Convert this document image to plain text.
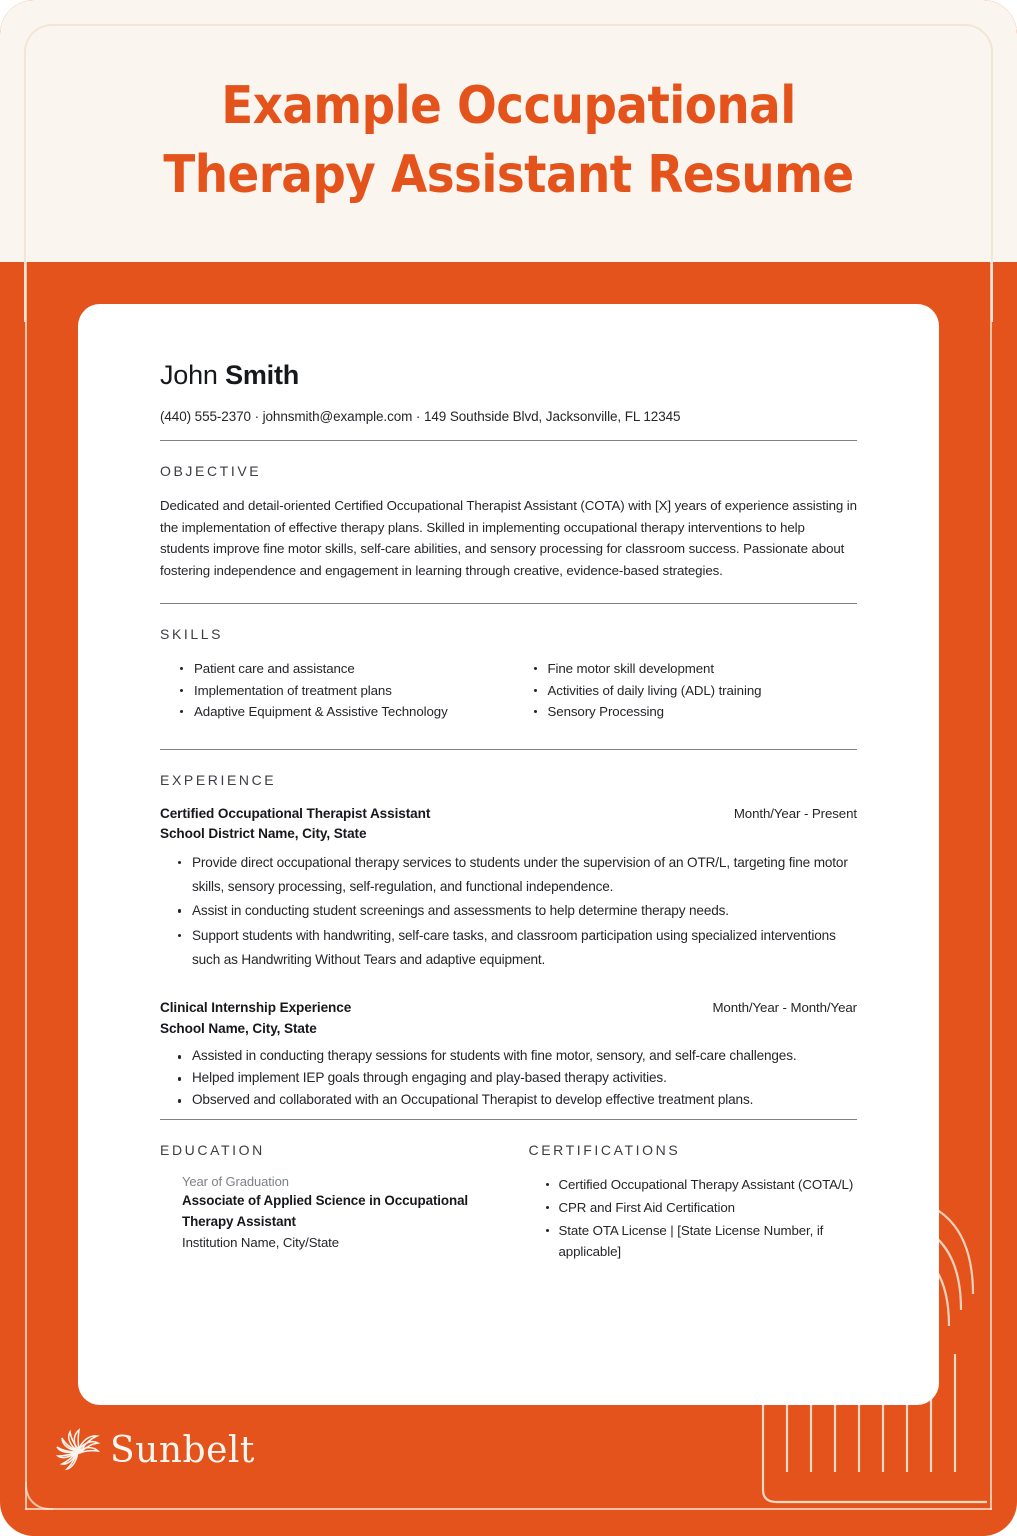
Example Occupational
Therapy Assistant Resume
John Smith
(440) 555-2370 · johnsmith@example.com · 149 Southside Blvd, Jacksonville, FL 12345
OBJECTIVE
Dedicated and detail-oriented Certified Occupational Therapist Assistant (COTA) with [X] years of experience assisting in the implementation of effective therapy plans. Skilled in implementing occupational therapy interventions to help students improve fine motor skills, self-care abilities, and sensory processing for classroom success. Passionate about fostering independence and engagement in learning through creative, evidence-based strategies.
SKILLS
Patient care and assistance
Implementation of treatment plans
Adaptive Equipment & Assistive Technology
Fine motor skill development
Activities of daily living (ADL) training
Sensory Processing
EXPERIENCE
Certified Occupational Therapist Assistant
School District Name, City, State
Month/Year - Present
Provide direct occupational therapy services to students under the supervision of an OTR/L, targeting fine motor skills, sensory processing, self-regulation, and functional independence.
Assist in conducting student screenings and assessments to help determine therapy needs.
Support students with handwriting, self-care tasks, and classroom participation using specialized interventions such as Handwriting Without Tears and adaptive equipment.
Clinical Internship Experience
School Name, City, State
Month/Year - Month/Year
Assisted in conducting therapy sessions for students with fine motor, sensory, and self-care challenges.
Helped implement IEP goals through engaging and play-based therapy activities.
Observed and collaborated with an Occupational Therapist to develop effective treatment plans.
EDUCATION
Year of Graduation
Associate of Applied Science in Occupational Therapy Assistant
Institution Name, City/State
CERTIFICATIONS
Certified Occupational Therapy Assistant (COTA/L)
CPR and First Aid Certification
State OTA License | [State License Number, if applicable]
Sunbelt
